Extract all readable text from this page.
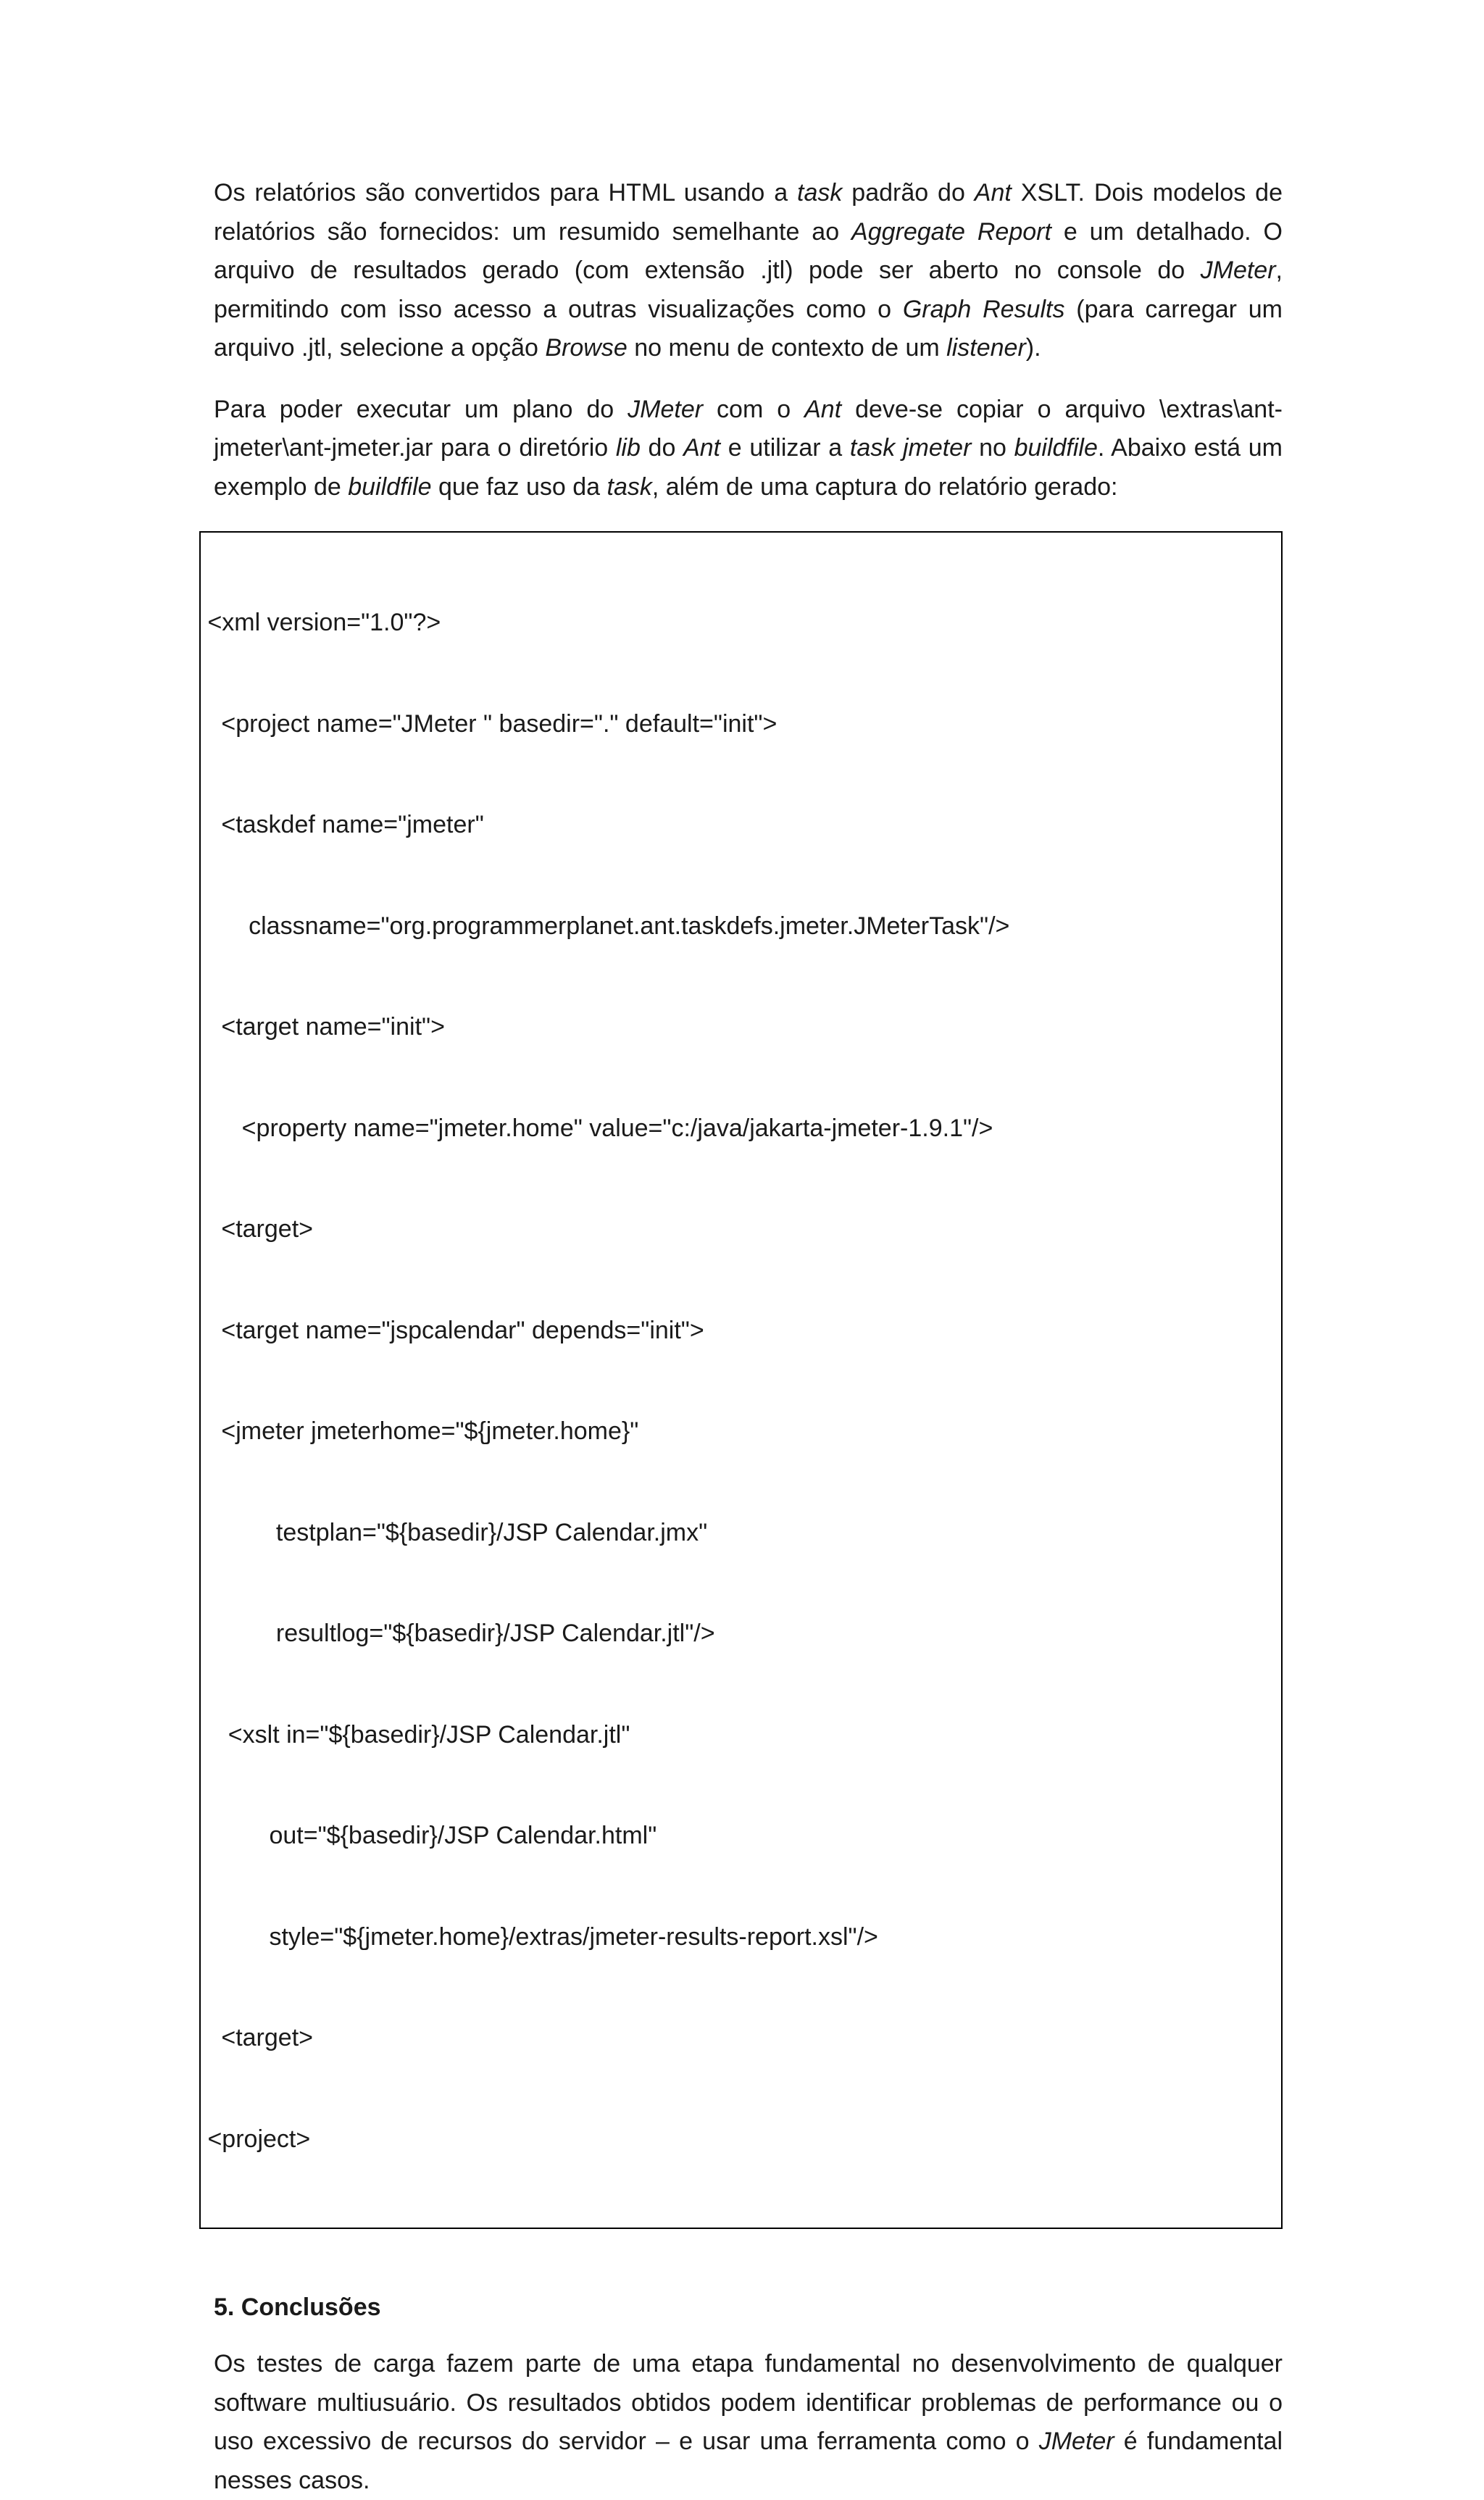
Os relatórios são convertidos para HTML usando a task padrão do Ant XSLT. Dois modelos de relatórios são fornecidos: um resumido semelhante ao Aggregate Report e um detalhado. O arquivo de resultados gerado (com extensão .jtl) pode ser aberto no console do JMeter, permitindo com isso acesso a outras visualizações como o Graph Results (para carregar um arquivo .jtl, selecione a opção Browse no menu de contexto de um listener).

Para poder executar um plano do JMeter com o Ant deve-se copiar o arquivo \extras\ant-jmeter\ant-jmeter.jar para o diretório lib do Ant e utilizar a task jmeter no buildfile. Abaixo está um exemplo de buildfile que faz uso da task, além de uma captura do relatório gerado:

<xml version="1.0"?>

<project name="JMeter " basedir="." default="init">

<taskdef name="jmeter"

classname="org.programmerplanet.ant.taskdefs.jmeter.JMeterTask"/>

<target name="init">

<property name="jmeter.home" value="c:/java/jakarta-jmeter-1.9.1"/>

<target>

<target name="jspcalendar" depends="init">

<jmeter jmeterhome="${jmeter.home}"

testplan="${basedir}/JSP Calendar.jmx"

resultlog="${basedir}/JSP Calendar.jtl"/>

<xslt in="${basedir}/JSP Calendar.jtl"

out="${basedir}/JSP Calendar.html"

style="${jmeter.home}/extras/jmeter-results-report.xsl"/>

<target>

<project>

5. Conclusões

Os testes de carga fazem parte de uma etapa fundamental no desenvolvimento de qualquer software multiusuário. Os resultados obtidos podem identificar problemas de performance ou o uso excessivo de recursos do servidor – e usar uma ferramenta como o JMeter é fundamental nesses casos.
